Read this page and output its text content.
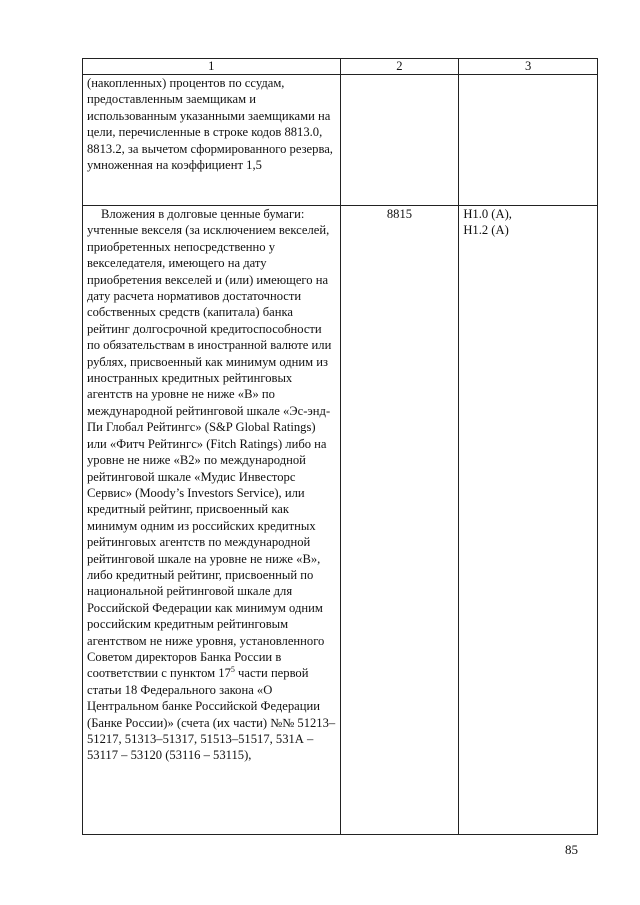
1	2	3

(накопленных) процентов по ссудам, предоставленным заемщикам и использованным указанными заемщиками на цели, перечисленные в строке кодов 8813.0, 8813.2, за вычетом сформированного резерва, умноженная на коэффициент 1,5		

Вложения в долговые ценные бумаги: учтенные векселя (за исключением векселей, приобретенных непосредственно у векселедателя, имеющего на дату приобретения векселей и (или) имеющего на дату расчета нормативов достаточности собственных средств (капитала) банка рейтинг долгосрочной кредитоспособности по обязательствам в иностранной валюте или рублях, присвоенный как минимум одним из иностранных кредитных рейтинговых агентств на уровне не ниже «B» по международной рейтинговой шкале «Эс-энд-Пи Глобал Рейтингс» (S&P Global Ratings) или «Фитч Рейтингс» (Fitch Ratings) либо на уровне не ниже «B2» по международной рейтинговой шкале «Мудис Инвесторс Сервис» (Moody’s Investors Service), или кредитный рейтинг, присвоенный как минимум одним из российских кредитных рейтинговых агентств по международной рейтинговой шкале на уровне не ниже «B», либо кредитный рейтинг, присвоенный по национальной рейтинговой шкале для Российской Федерации как минимум одним российским кредитным рейтинговым агентством не ниже уровня, установленного Советом директоров Банка России в соответствии с пунктом $17^5$ части первой статьи 18 Федерального закона «О Центральном банке Российской Федерации (Банке России)» (счета (их части) №№ 51213–51217, 51313–51317, 51513–51517, 531А – 53117 – 53120 (53116 – 53115),	8815	Н1.0 (А),
Н1.2 (А)
85
